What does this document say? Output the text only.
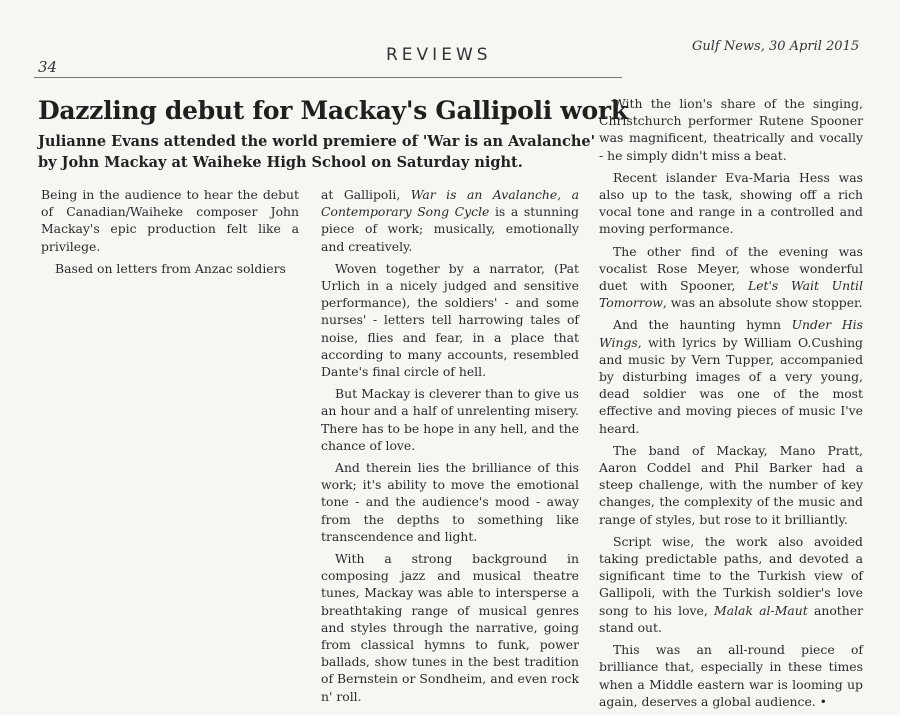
34
REVIEWS	Gulf News, 30 April 2015
Dazzling debut for Mackay's Gallipoli work
Julianne Evans attended the world premiere of 'War is an Avalanche' by John Mackay at Waiheke High School on Saturday night.

Being in the audience to hear the debut of Canadian/Waiheke composer John Mackay's epic production felt like a privilege.

Based on letters from Anzac soldiers

at Gallipoli, War is an Avalanche, a Contemporary Song Cycle is a stunning piece of work; musically, emotionally and creatively.

Woven together by a narrator, (Pat Urlich in a nicely judged and sensitive performance), the soldiers' - and some nurses' - letters tell harrowing tales of noise, flies and fear, in a place that according to many accounts, resembled Dante's final circle of hell.

But Mackay is cleverer than to give us an hour and a half of unrelenting misery. There has to be hope in any hell, and the chance of love.

And therein lies the brilliance of this work; it's ability to move the emotional tone - and the audience's mood - away from the depths to something like transcendence and light.

With a strong background in composing jazz and musical theatre tunes, Mackay was able to intersperse a breathtaking range of musical genres and styles through the narrative, going from classical hymns to funk, power ballads, show tunes in the best tradition of Bernstein or Sondheim, and even rock n' roll.

With the lion's share of the singing, Christchurch performer Rutene Spooner was magnificent, theatrically and vocally - he simply didn't miss a beat.

Recent islander Eva-Maria Hess was also up to the task, showing off a rich vocal tone and range in a controlled and moving performance.

The other find of the evening was vocalist Rose Meyer, whose wonderful duet with Spooner, Let's Wait Until Tomorrow, was an absolute show stopper.

And the haunting hymn Under His Wings, with lyrics by William O.Cushing and music by Vern Tupper, accompanied by disturbing images of a very young, dead soldier was one of the most effective and moving pieces of music I've heard.

The band of Mackay, Mano Pratt, Aaron Coddel and Phil Barker had a steep challenge, with the number of key changes, the complexity of the music and range of styles, but rose to it brilliantly.

Script wise, the work also avoided taking predictable paths, and devoted a significant time to the Turkish view of Gallipoli, with the Turkish soldier's love song to his love, Malak al-Maut another stand out.

This was an all-round piece of brilliance that, especially in these times when a Middle eastern war is looming up again, deserves a global audience. •
